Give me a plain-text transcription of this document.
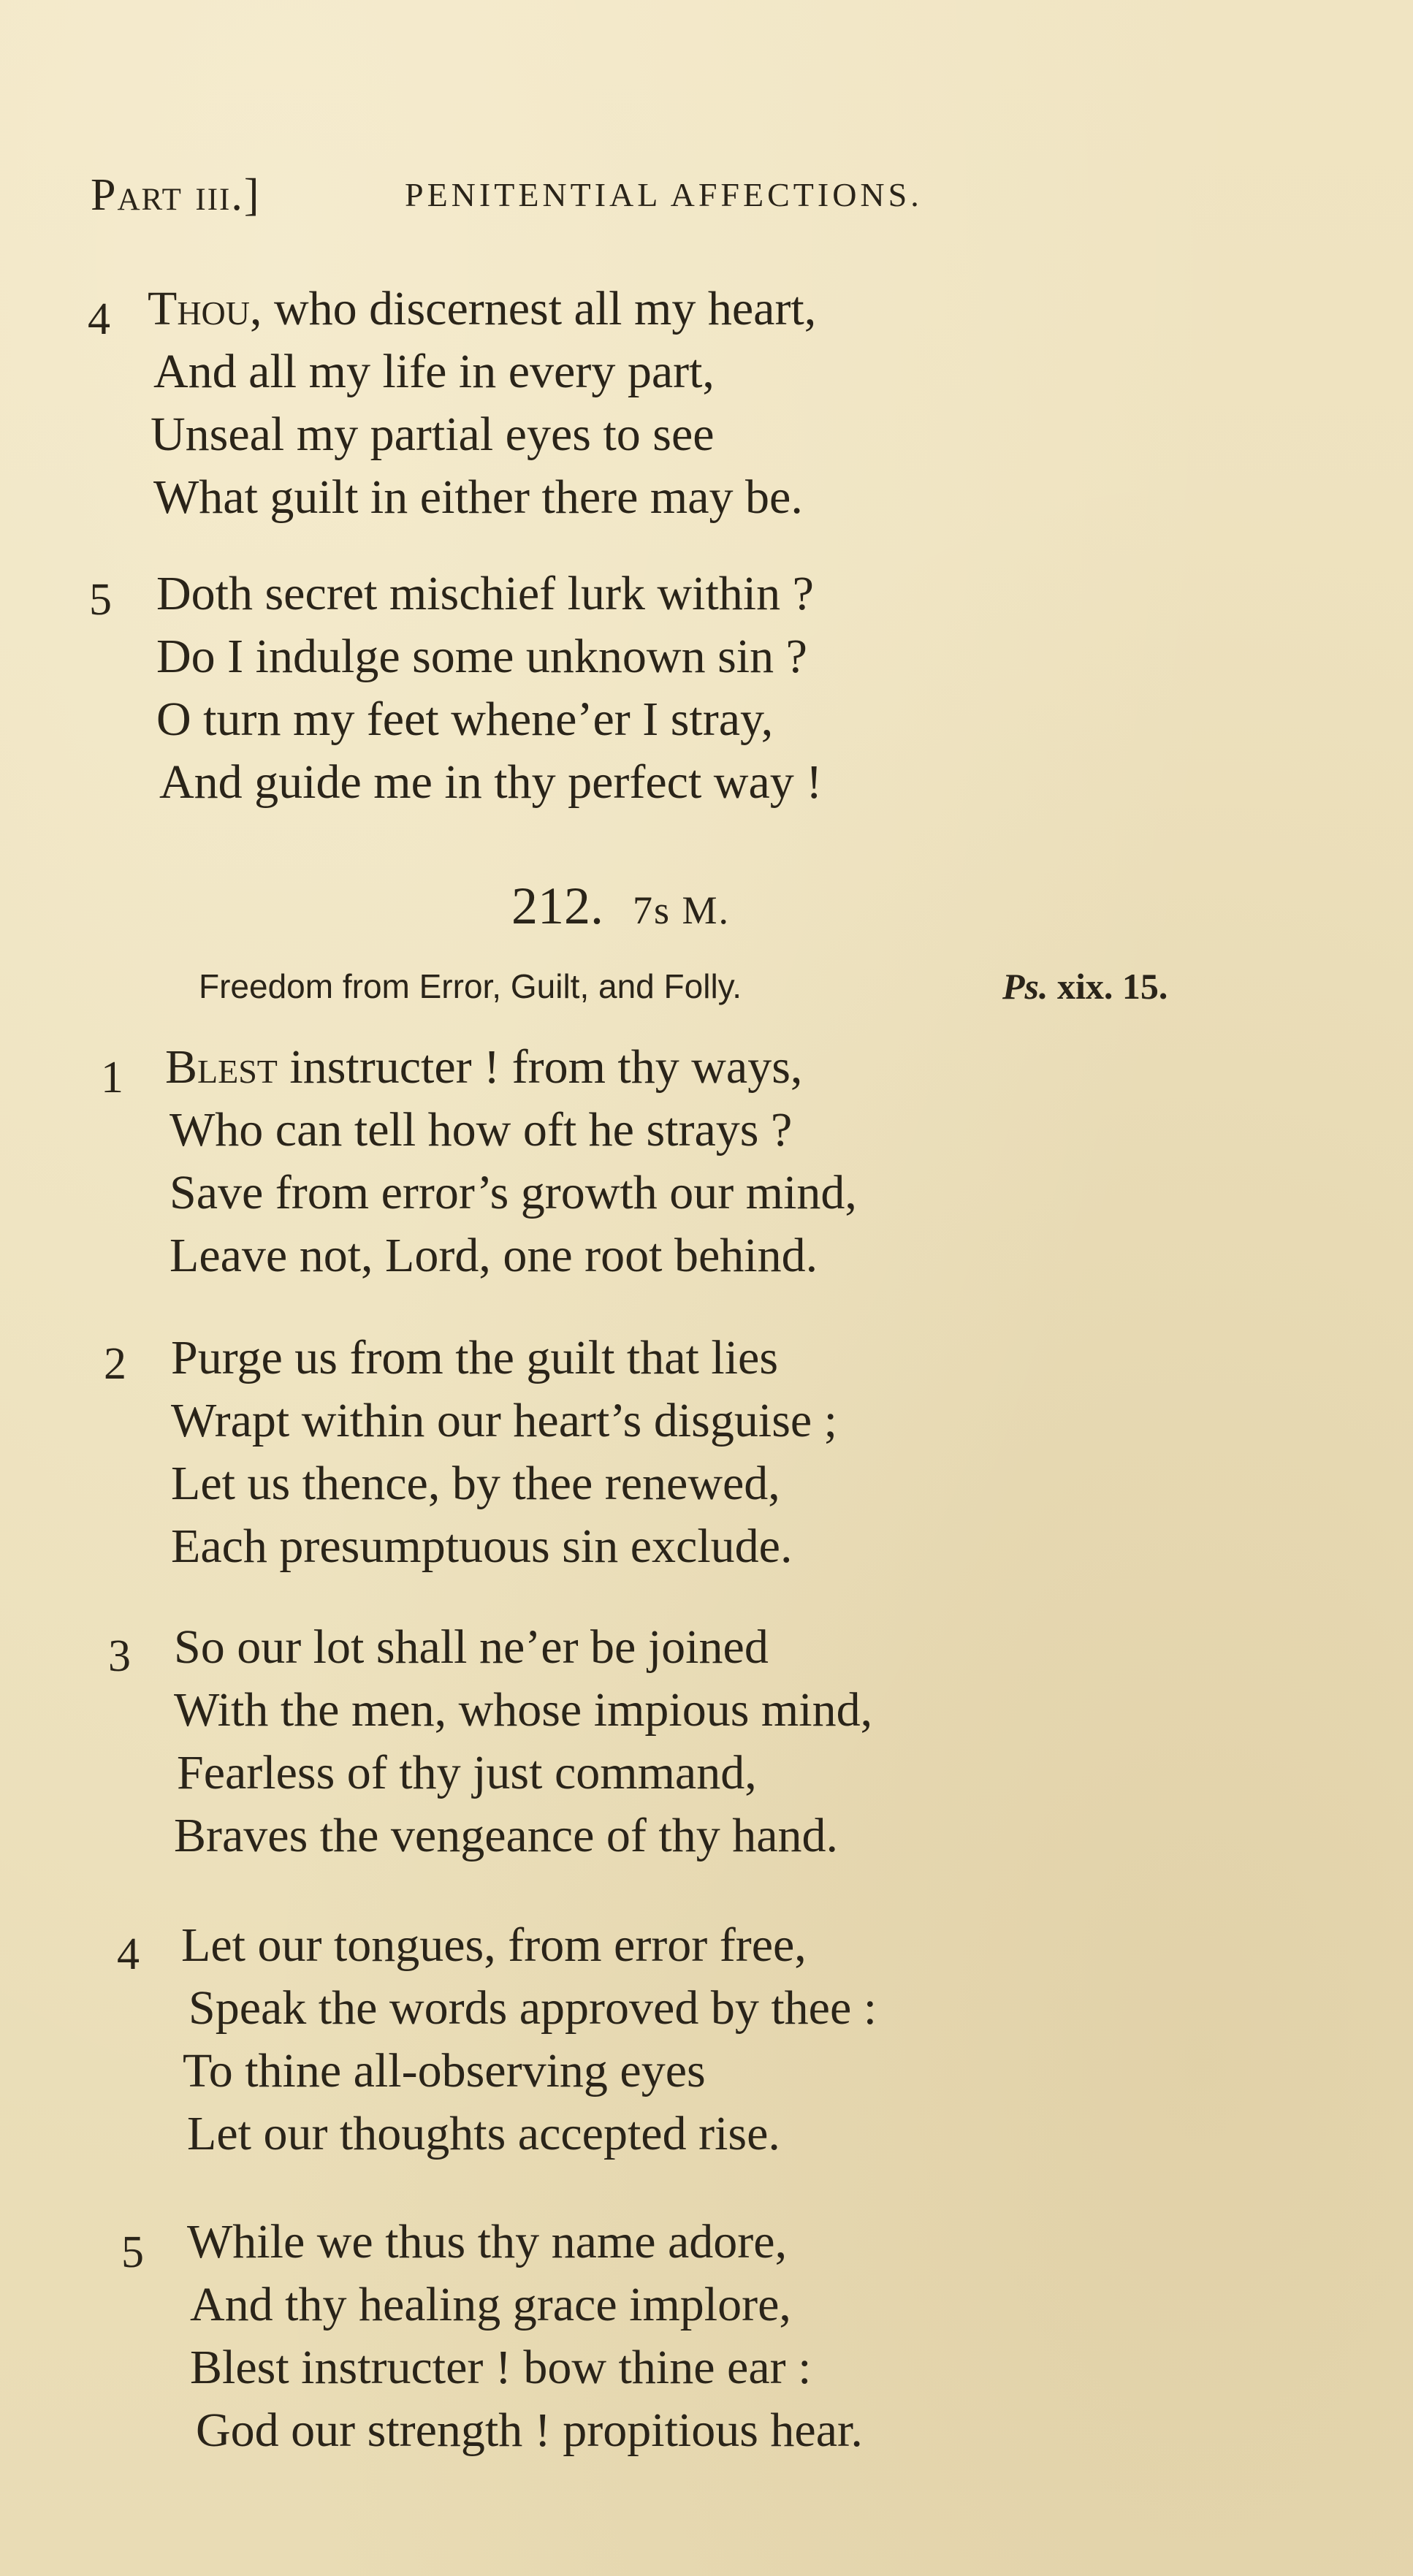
Part iii.]	PENITENTIAL AFFECTIONS.
4 Thou, who discernest all my heart,
And all my life in every part,
Unseal my partial eyes to see
What guilt in either there may be.
5 Doth secret mischief lurk within ?
Do I indulge some unknown sin ?
O turn my feet whene’er I stray,
And guide me in thy perfect way !
212. 7s M.
Freedom from Error, Guilt, and Folly.	Ps. xix. 15.
1 Blest instructer ! from thy ways,
Who can tell how oft he strays ?
Save from error’s growth our mind,
Leave not, Lord, one root behind.
2 Purge us from the guilt that lies
Wrapt within our heart’s disguise ;
Let us thence, by thee renewed,
Each presumptuous sin exclude.
3 So our lot shall ne’er be joined
With the men, whose impious mind,
Fearless of thy just command,
Braves the vengeance of thy hand.
4 Let our tongues, from error free,
Speak the words approved by thee :
To thine all-observing eyes
Let our thoughts accepted rise.
5 While we thus thy name adore,
And thy healing grace implore,
Blest instructer ! bow thine ear :
God our strength ! propitious hear.
